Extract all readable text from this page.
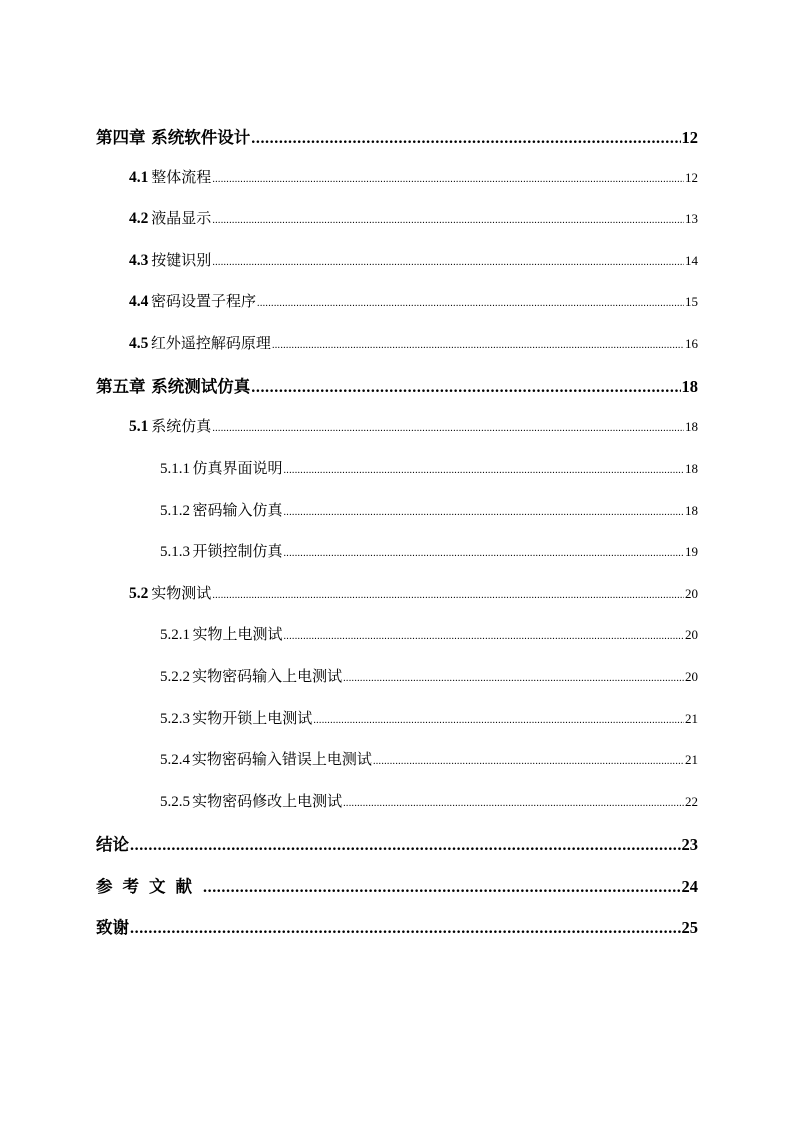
第四章 系统软件设计 .....	12
4.1 整体流程 .....	12
4.2 液晶显示 .....	13
4.3 按键识别 .....	14
4.4 密码设置子程序 .....	15
4.5 红外遥控解码原理 .....	16
第五章 系统测试仿真 .....	18
5.1 系统仿真 .....	18
5.1.1 仿真界面说明 .....	18
5.1.2 密码输入仿真 .....	18
5.1.3 开锁控制仿真 .....	19
5.2 实物测试 .....	20
5.2.1 实物上电测试 .....	20
5.2.2 实物密码输入上电测试 .....	20
5.2.3 实物开锁上电测试 .....	21
5.2.4 实物密码输入错误上电测试 .....	21
5.2.5 实物密码修改上电测试 .....	22
结论 .....	23
参考文献 .....	24
致谢 .....	25
